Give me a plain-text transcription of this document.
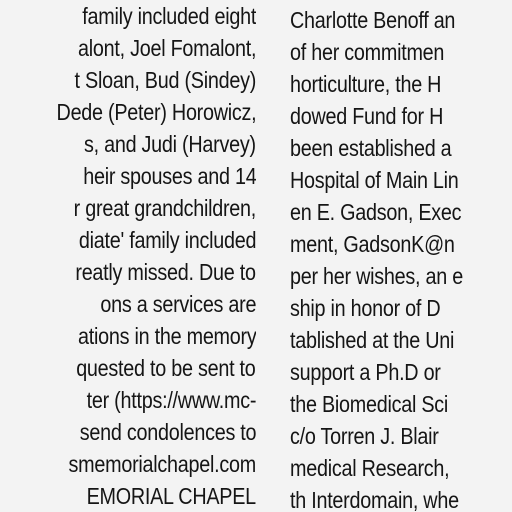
family included eight
alont, Joel Fomalont,
t Sloan, Bud (Sindey)
Dede (Peter) Horowicz,
s, and Judi (Harvey)
heir spouses and 14
r great grandchildren,
diate' family included
reatly missed. Due to
ons a services are
ations in the memory
quested to be sent to
ter (https://www.mc-
send condolences to
smemorialchapel.com
EMORIAL CHAPEL
Charlotte Benoff an
of her commitmen
horticulture, the H
dowed Fund for H
been established a
Hospital of Main Lin
en E. Gadson, Exec
ment, GadsonK@n
per her wishes, an e
ship in honor of D
tablished at the Uni
support a Ph.D or
the Biomedical Sci
c/o Torren J. Blair
medical Research,
th Interdomain, whe
